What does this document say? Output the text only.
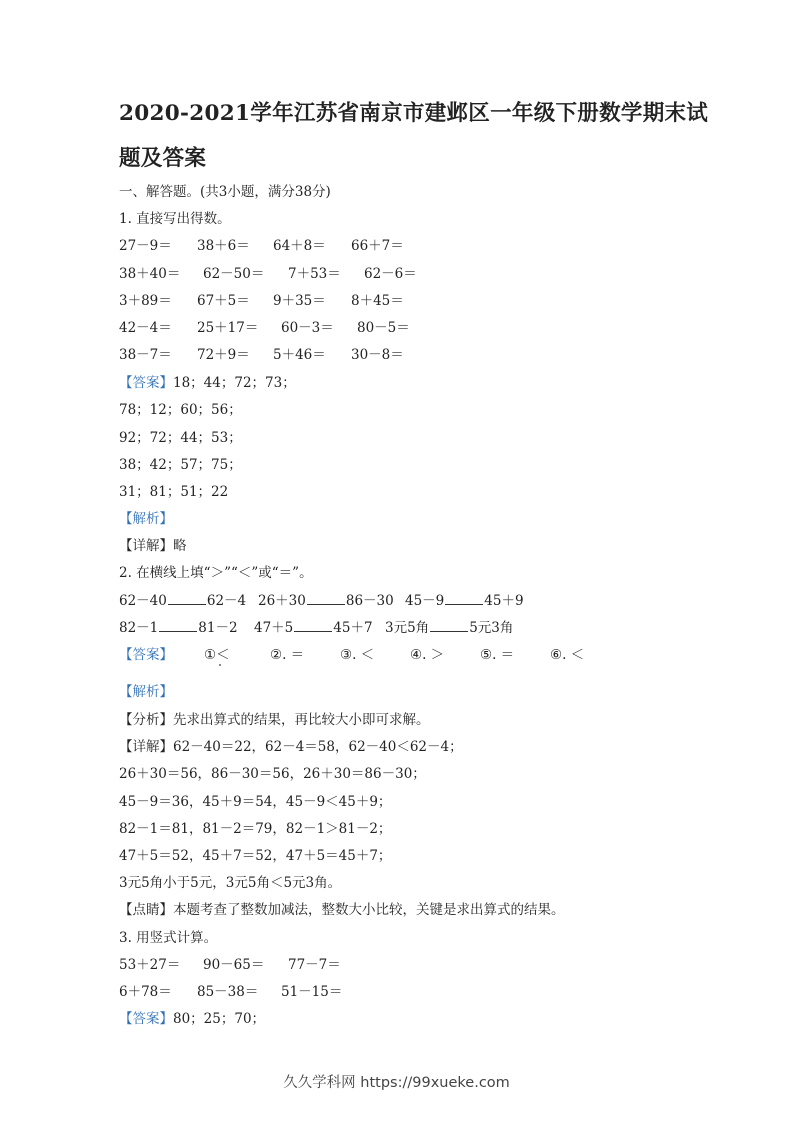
2020-2021学年江苏省南京市建邺区一年级下册数学期末试
题及答案
一、解答题。(共3小题，满分38分)
1. 直接写出得数。
27－9＝ 38＋6＝ 64＋8＝ 66＋7＝
38＋40＝ 62－50＝ 7＋53＝ 62－6＝
3＋89＝ 67＋5＝ 9＋35＝ 8＋45＝
42－4＝ 25＋17＝ 60－3＝ 80－5＝
38－7＝ 72＋9＝ 5＋46＝ 30－8＝
【答案】18；44；72；73；
78；12；60；56；
92；72；44；53；
38；42；57；75；
31；81；51；22
【解析】
【详解】略
2. 在横线上填“＞”“＜”或“＝”。
62－40	62－4 26＋30	86－30 45－9	45＋9
82－1	81－2 47＋5	45＋7 3元5角	5元3角
【答案】 ①＜	②. ＝	③. ＜	④. ＞	⑤. ＝	⑥. ＜
【解析】
【分析】先求出算式的结果，再比较大小即可求解。
【详解】62－40＝22，62－4＝58，62－40＜62－4；
26＋30＝56，86－30＝56，26＋30＝86－30；
45－9＝36，45＋9＝54，45－9＜45＋9；
82－1＝81，81－2＝79，82－1＞81－2；
47＋5＝52，45＋7＝52，47＋5＝45＋7；
3元5角小于5元，3元5角＜5元3角。
【点睛】本题考查了整数加减法，整数大小比较，关键是求出算式的结果。
3. 用竖式计算。
53＋27＝ 90－65＝ 77－7＝
6＋78＝ 85－38＝ 51－15＝
【答案】80；25；70；
久久学科网 https://99xueke.com
